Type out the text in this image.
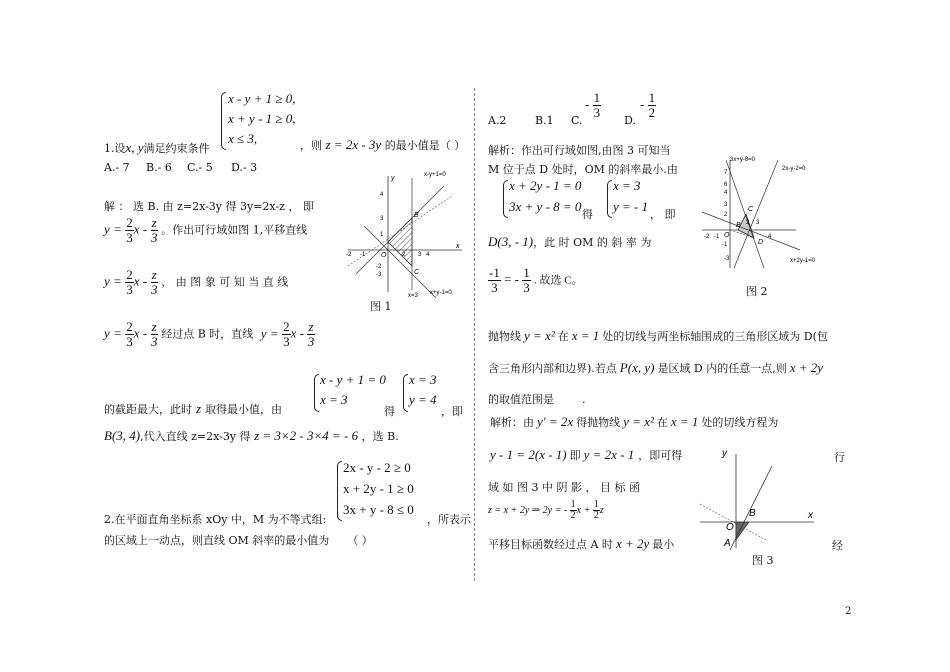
x - y + 1 ≥ 0,
x + y - 1 ≥ 0,
x ≤ 3,
1.设x, y满足约束条件	，则 z = 2x - 3y 的最小值是（ ）
A.- 7 B.- 6 C.- 5 D.- 3
解 ： 选 B. 由 z=2x-3y 得 3y=2x-z ， 即
$y = \frac{2}{3}$ x - $\frac{z}{3}$ 。作出可行域如图 1,平移直线
$y = \frac{2}{3}$ x - $\frac{z}{3}$ ， 由 图 象 可 知 当 直 线
$y = \frac{2}{3}$ x - $\frac{z}{3}$ 经过点 B 时，直线 $y = \frac{2}{3}$ x - $\frac{z}{3}$
x - y + 1 = 0
x = 3
x = 3
y = 4
的截距最大，此时 z 取得最小值，由	得	，即
B(3, 4),代入直线 z=2x-3y 得 z = 3×2 - 3×4 = - 6 ，选 B.
-2 -1	2 3 4
4
3
1
-2
-3
O
x
y
B
C
x-y+1=0
x+y-1=0
x=3
图 1
2x - y - 2 ≥ 0
x + 2y - 1 ≥ 0
3x + y - 8 ≤ 0
2.在平面直角坐标系 xOy 中，M 为不等式组:	，所表示
的区域上一动点，则直线 OM 斜率的最小值为 （ ）
A.2	B.1 C.
- $\frac{1}{3}$
D.
- $\frac{1}{2}$
解析：作出可行域如图,由图 3 可知当
M 位于点 D 处时，OM 的斜率最小.由
x + 2y - 1 = 0
3x + y - 8 = 0
得
x = 3
y = - 1
， 即
D(3, - 1)，此 时 OM 的 斜 率 为
$\frac{-1}{3}$ = - $\frac{1}{3}$ . 故选 C。
-2 -1
2 3
4
7
6
4
3
2
-1
-3
O
B
C
D
3x+y-8=0
2x-y-2=0
x+2y-1=0
图 2
抛物线 y = x² 在 x = 1 处的切线与两坐标轴围成的三角形区域为 D(包
含三角形内部和边界).若点 P(x, y) 是区域 D 内的任意一点,则 x + 2y
的取值范围是	.
解析：由 y′ = 2x 得抛物线 y = x² 在 x = 1 处的切线方程为
y - 1 = 2(x - 1) 即 y = 2x - 1 ，即可得	行
域 如 图 3 中 阴 影 ， 目 标 函
z = x + 2y ⇒ 2y = - $\frac{1}{2}$ $x + \frac{1}{2}$ z
平移目标函数经过点 A 时 x + 2y 最小	经
O
A
B	x
y
图 3
2
